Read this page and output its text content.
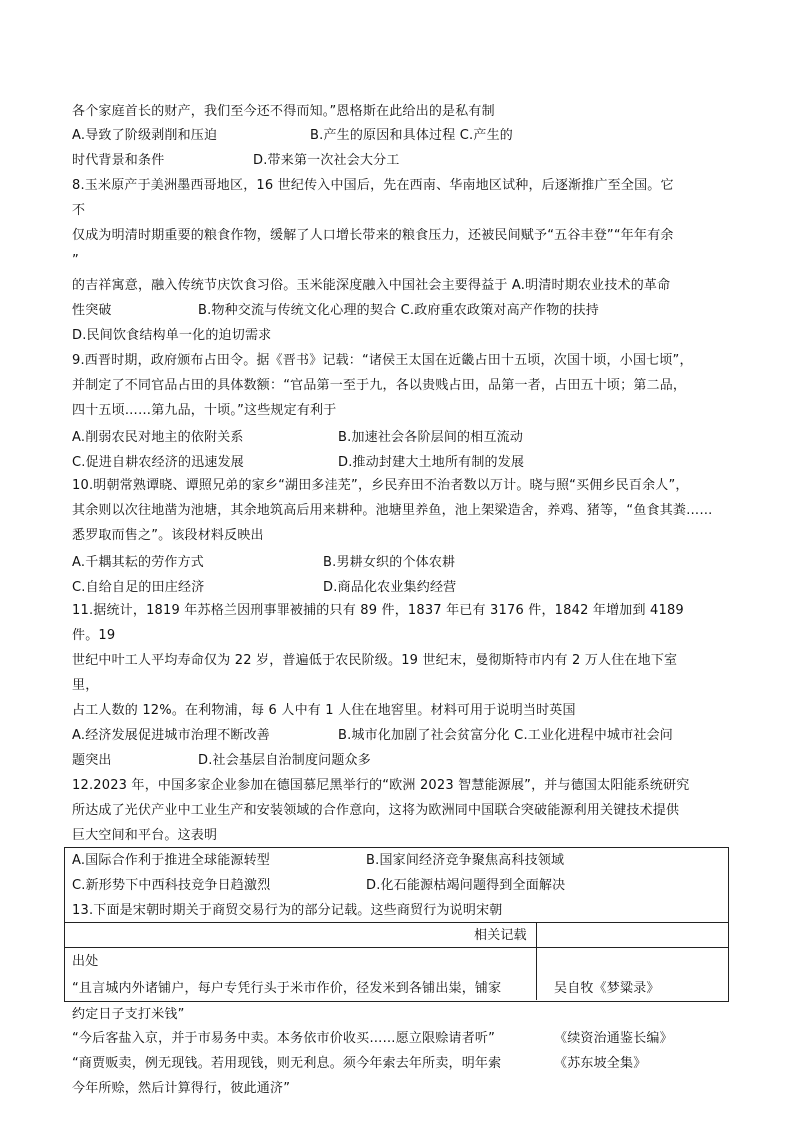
各个家庭首长的财产，我们至今还不得而知。”恩格斯在此给出的是私有制
A.导致了阶级剥削和压迫	B.产生的原因和具体过程 C.产生的
时代背景和条件	D.带来第一次社会大分工
8.玉米原产于美洲墨西哥地区，16 世纪传入中国后，先在西南、华南地区试种，后逐渐推广至全国。它
不
仅成为明清时期重要的粮食作物，缓解了人口增长带来的粮食压力，还被民间赋予“五谷丰登”“年年有余
”
的吉祥寓意，融入传统节庆饮食习俗。玉米能深度融入中国社会主要得益于 A.明清时期农业技术的革命
性突破	B.物种交流与传统文化心理的契合 C.政府重农政策对高产作物的扶持
D.民间饮食结构单一化的迫切需求
9.西晋时期，政府颁布占田令。据《晋书》记载：“诸侯王太国在近畿占田十五顷，次国十顷，小国七顷”，
并制定了不同官品占田的具体数额：“官品第一至于九，各以贵贱占田，品第一者，占田五十顷；第二品，
四十五顷……第九品，十顷。”这些规定有利于
A.削弱农民对地主的依附关系	B.加速社会各阶层间的相互流动
C.促进自耕农经济的迅速发展	D.推动封建大土地所有制的发展
10.明朝常熟谭晓、谭照兄弟的家乡“湖田多洼芜”，乡民弃田不治者数以万计。晓与照“买佣乡民百余人”，
其余则以次往地凿为池塘，其余地筑高后用来耕种。池塘里养鱼，池上架梁造舍，养鸡、猪等，“鱼食其粪……
悉罗取而售之”。该段材料反映出
A.千耦其耘的劳作方式	B.男耕女织的个体农耕
C.自给自足的田庄经济	D.商品化农业集约经营
11.据统计，1819 年苏格兰因刑事罪被捕的只有 89 件，1837 年已有 3176 件，1842 年增加到 4189
件。19
世纪中叶工人平均寿命仅为 22 岁，普遍低于农民阶级。19 世纪末，曼彻斯特市内有 2 万人住在地下室
里，
占工人数的 12%。在利物浦，每 6 人中有 1 人住在地窖里。材料可用于说明当时英国
A.经济发展促进城市治理不断改善	B.城市化加剧了社会贫富分化 C.工业化进程中城市社会问
题突出	D.社会基层自治制度问题众多
12.2023 年，中国多家企业参加在德国慕尼黑举行的“欧洲 2023 智慧能源展”，并与德国太阳能系统研究
所达成了光伏产业中工业生产和安装领域的合作意向，这将为欧洲同中国联合突破能源利用关键技术提供
巨大空间和平台。这表明
A.国际合作利于推进全球能源转型	B.国家间经济竞争聚焦高科技领域
C.新形势下中西科技竞争日趋激烈	D.化石能源枯竭问题得到全面解决
13.下面是宋朝时期关于商贸交易行为的部分记载。这些商贸行为说明宋朝
相关记载
出处
“且言城内外诸铺户，每户专凭行头于米市作价，径发米到各铺出粜，铺家	吴自牧《梦粱录》
约定日子支打米钱”
“今后客盐入京，并于市易务中卖。本务依市价收买……愿立限赊请者听”	《续资治通鉴长编》
“商贾贩卖，例无现钱。若用现钱，则无利息。须今年索去年所卖，明年索	《苏东坡全集》
今年所赊，然后计算得行，彼此通济”
